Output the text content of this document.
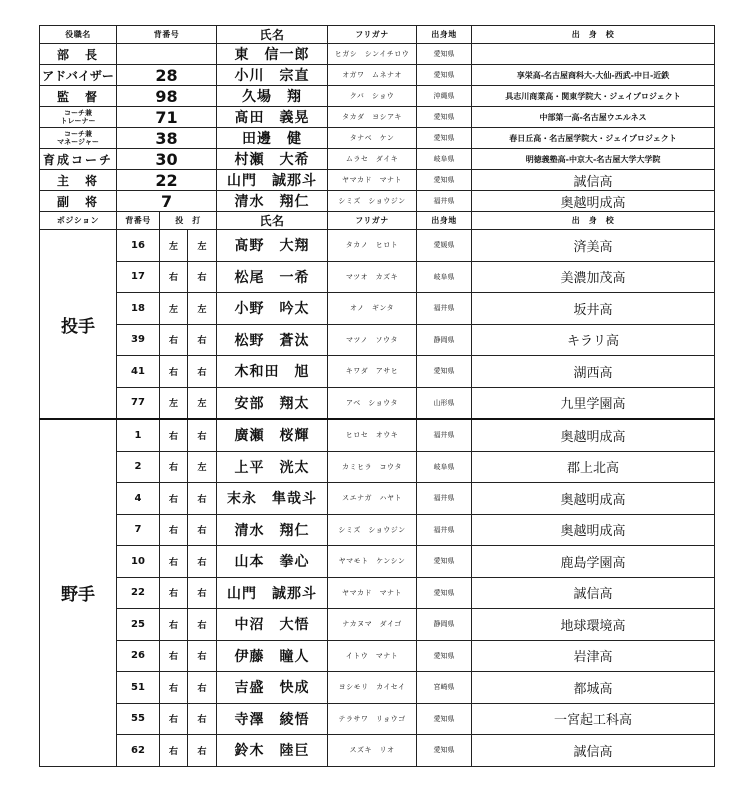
役職名	背番号			氏名	フリガナ	出身地	出　身　校
部　長				東　信一郎	ヒガシ　シンイチロウ	愛知県	
アドバイザー	28			小川　宗直	オガワ　ムネナオ	愛知県	享栄高-名古屋商科大-大仙-西武-中日-近鉄
監　督	98			久場　翔	クバ　ショウ	沖縄県	具志川商業高・関東学院大・ジェイプロジェクト
コーチ兼
トレーナー	71			髙田　義晃	タカダ　ヨシアキ	愛知県	中部第一高-名古屋ウエルネス
コーチ兼
マネージャー	38			田邊　健	タナベ　ケン	愛知県	春日丘高・名古屋学院大・ジェイプロジェクト
育成コーチ	30			村瀬　大希	ムラセ　ダイキ	岐阜県	明徳義塾高-中京大-名古屋大学大学院
主　将	22			山門　誠那斗	ヤマカド　マナト	愛知県	誠信高
副　将	7			清水　翔仁	シミズ　ショウジン	福井県	奥越明成高
ポジション	背番号	投　打		氏名	フリガナ	出身地	出　身　校
投手	16	左	左	髙野　大翔	タカノ　ヒロト	愛媛県	済美高
	17	右	右	松尾　一希	マツオ　カズキ	岐阜県	美濃加茂高
	18	左	左	小野　吟太	オノ　ギンタ	福井県	坂井高
	39	右	右	松野　蒼汰	マツノ　ソウタ	静岡県	キラリ高
	41	右	右	木和田　旭	キワダ　アサヒ	愛知県	湖西高
	77	左	左	安部　翔太	アベ　ショウタ	山形県	九里学園高
野手	1	右	右	廣瀬　桜輝	ヒロセ　オウキ	福井県	奥越明成高
	2	右	左	上平　洸太	カミヒラ　コウタ	岐阜県	郡上北高
	4	右	右	末永　隼哉斗	スエナガ　ハヤト	福井県	奥越明成高
	7	右	右	清水　翔仁	シミズ　ショウジン	福井県	奥越明成高
	10	右	右	山本　拳心	ヤマモト　ケンシン	愛知県	鹿島学園高
	22	右	右	山門　誠那斗	ヤマカド　マナト	愛知県	誠信高
	25	右	右	中沼　大悟	ナカヌマ　ダイゴ	静岡県	地球環境高
	26	右	右	伊藤　瞳人	イトウ　マナト	愛知県	岩津高
	51	右	右	吉盛　快成	ヨシモリ　カイセイ	宮崎県	都城高
	55	右	右	寺澤　綾悟	テラサワ　リョウゴ	愛知県	一宮起工科高
	62	右	右	鈴木　陸巨	スズキ　リオ	愛知県	誠信高
